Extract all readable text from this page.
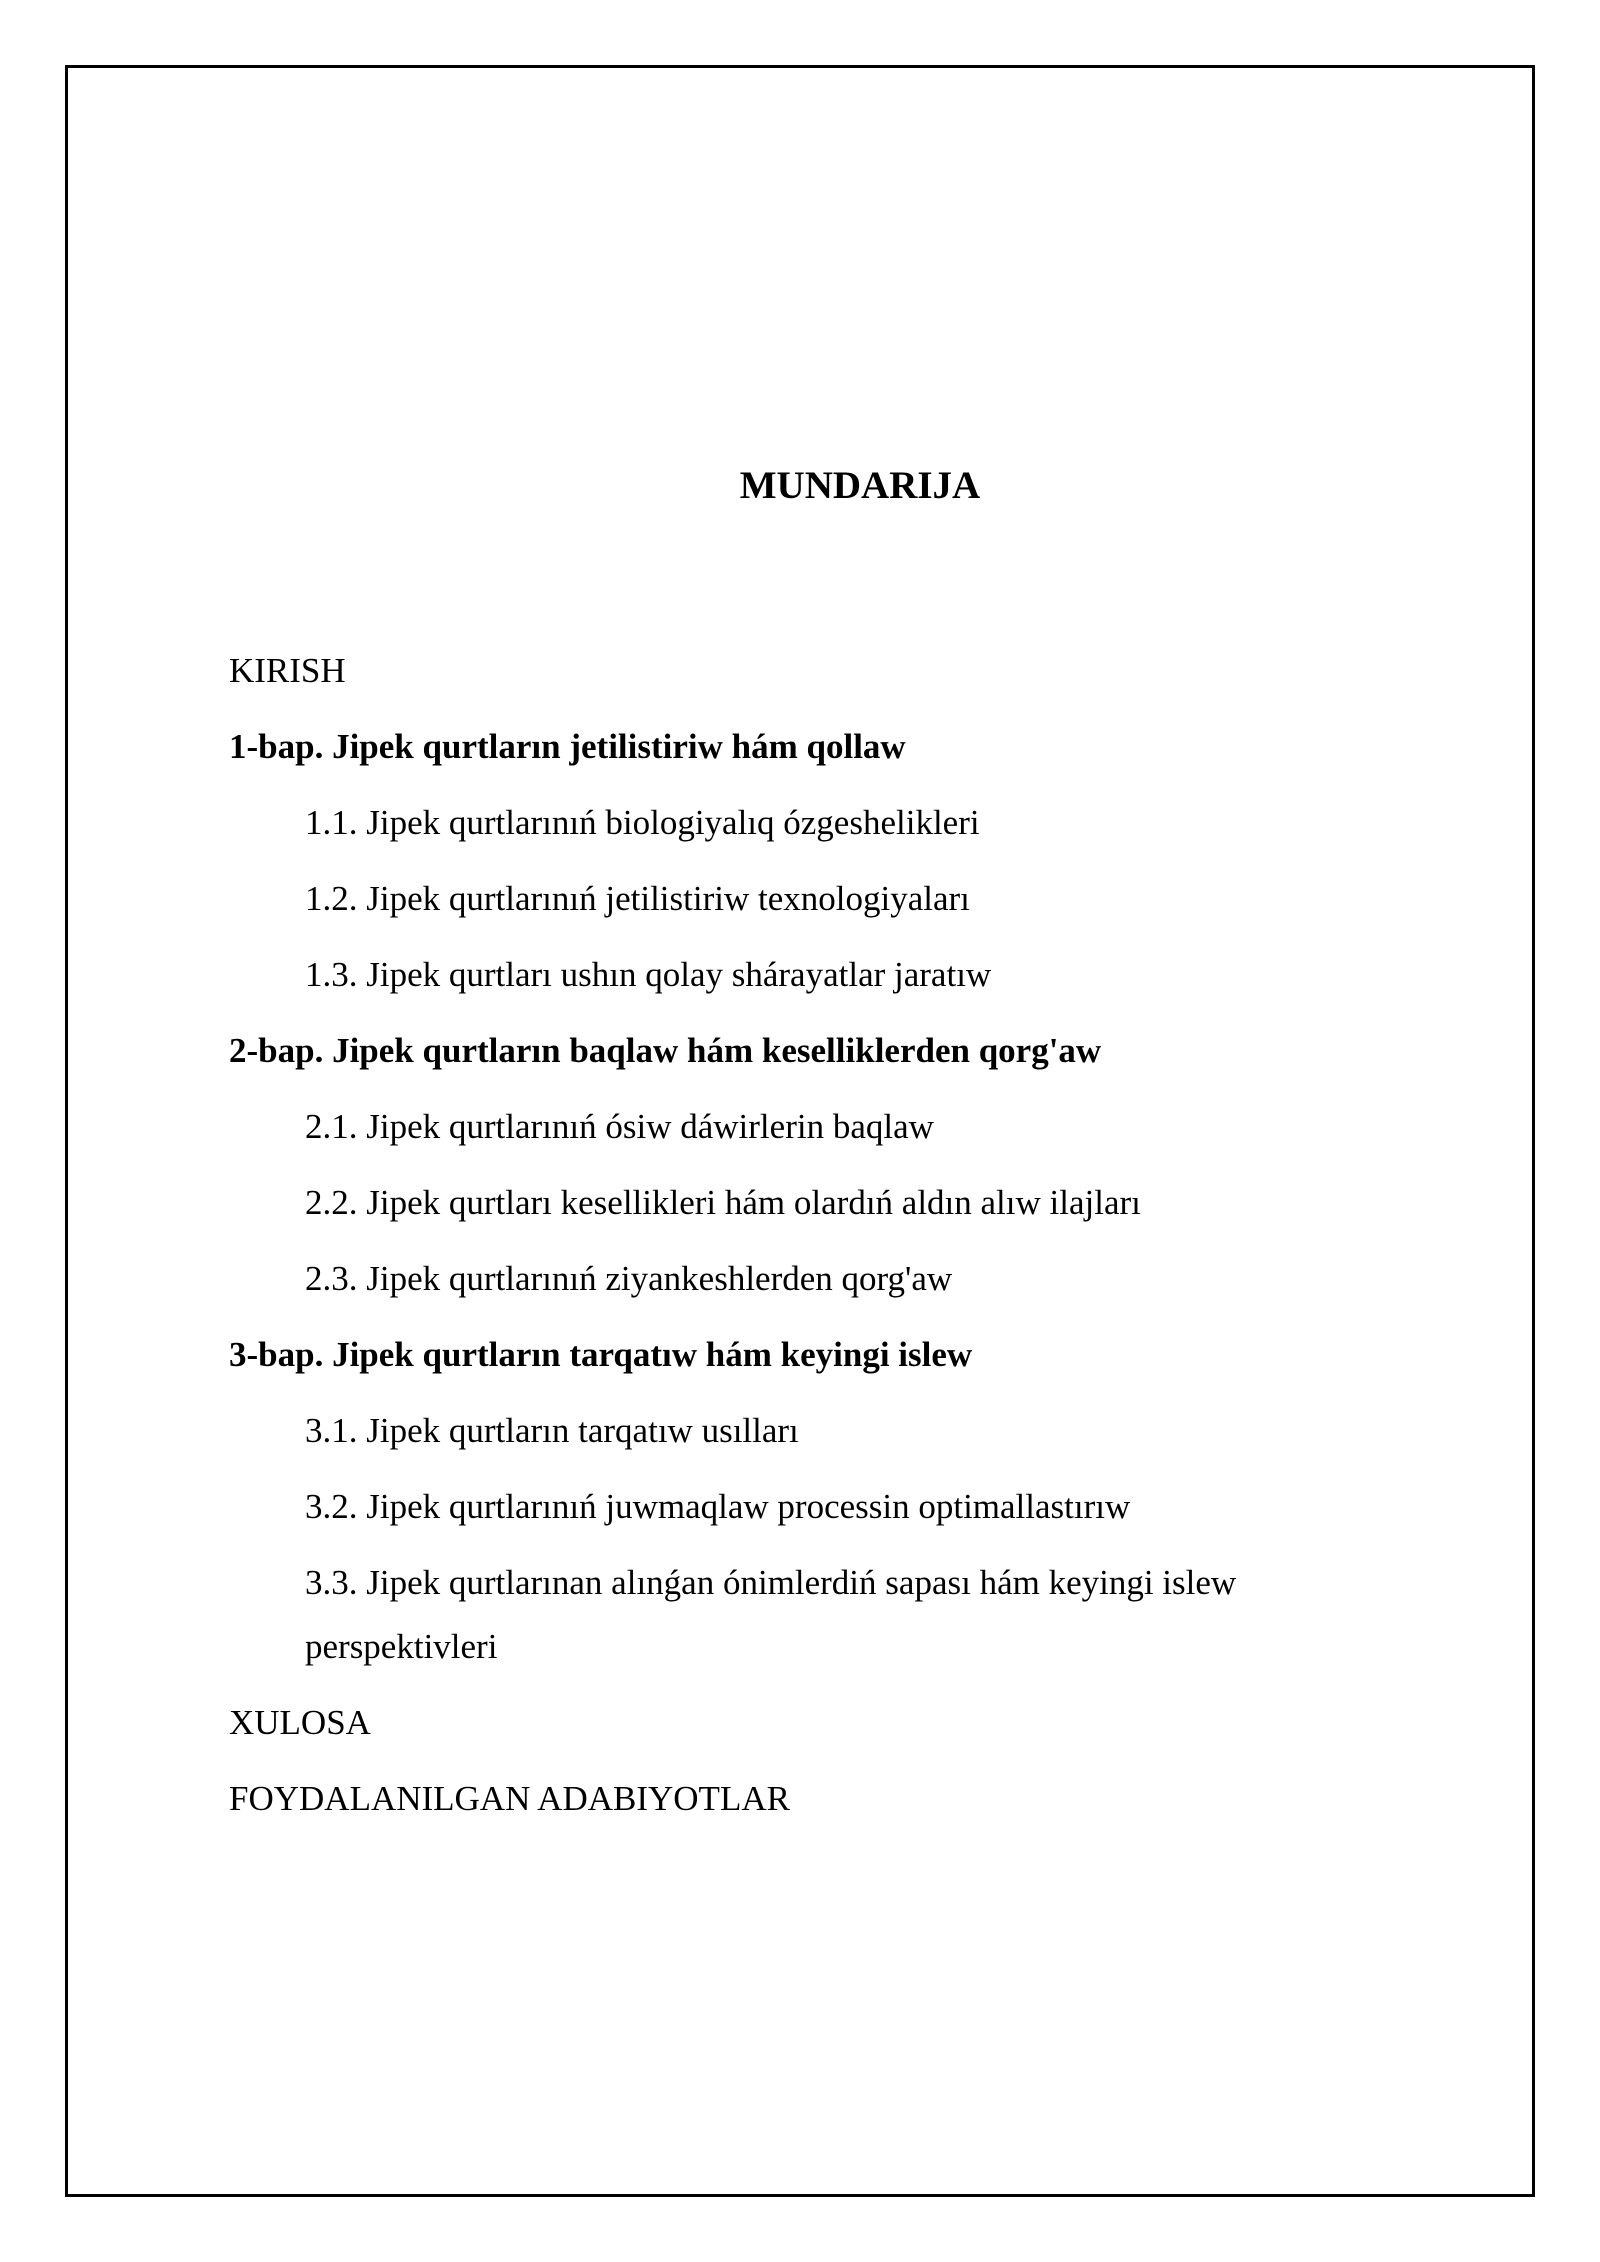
MUNDARIJA
KIRISH
1-bap. Jipek qurtların jetilistiriw hám qollaw
1.1. Jipek qurtlarınıń biologiyalıq ózgeshelikleri
1.2. Jipek qurtlarınıń jetilistiriw texnologiyaları
1.3. Jipek qurtları ushın qolay shárayatlar jaratıw
2-bap. Jipek qurtların baqlaw hám keselliklerden qorg'aw
2.1. Jipek qurtlarınıń ósiw dáwirlerin baqlaw
2.2. Jipek qurtları kesellikleri hám olardıń aldın alıw ilajları
2.3. Jipek qurtlarınıń ziyankeshlerden qorg'aw
3-bap. Jipek qurtların tarqatıw hám keyingi islew
3.1. Jipek qurtların tarqatıw usılları
3.2. Jipek qurtlarınıń juwmaqlaw processin optimallastırıw
3.3. Jipek qurtlarınan alınǵan ónimlerdiń sapası hám keyingi islew perspektivleri
XULOSA
FOYDALANILGAN ADABIYOTLAR
